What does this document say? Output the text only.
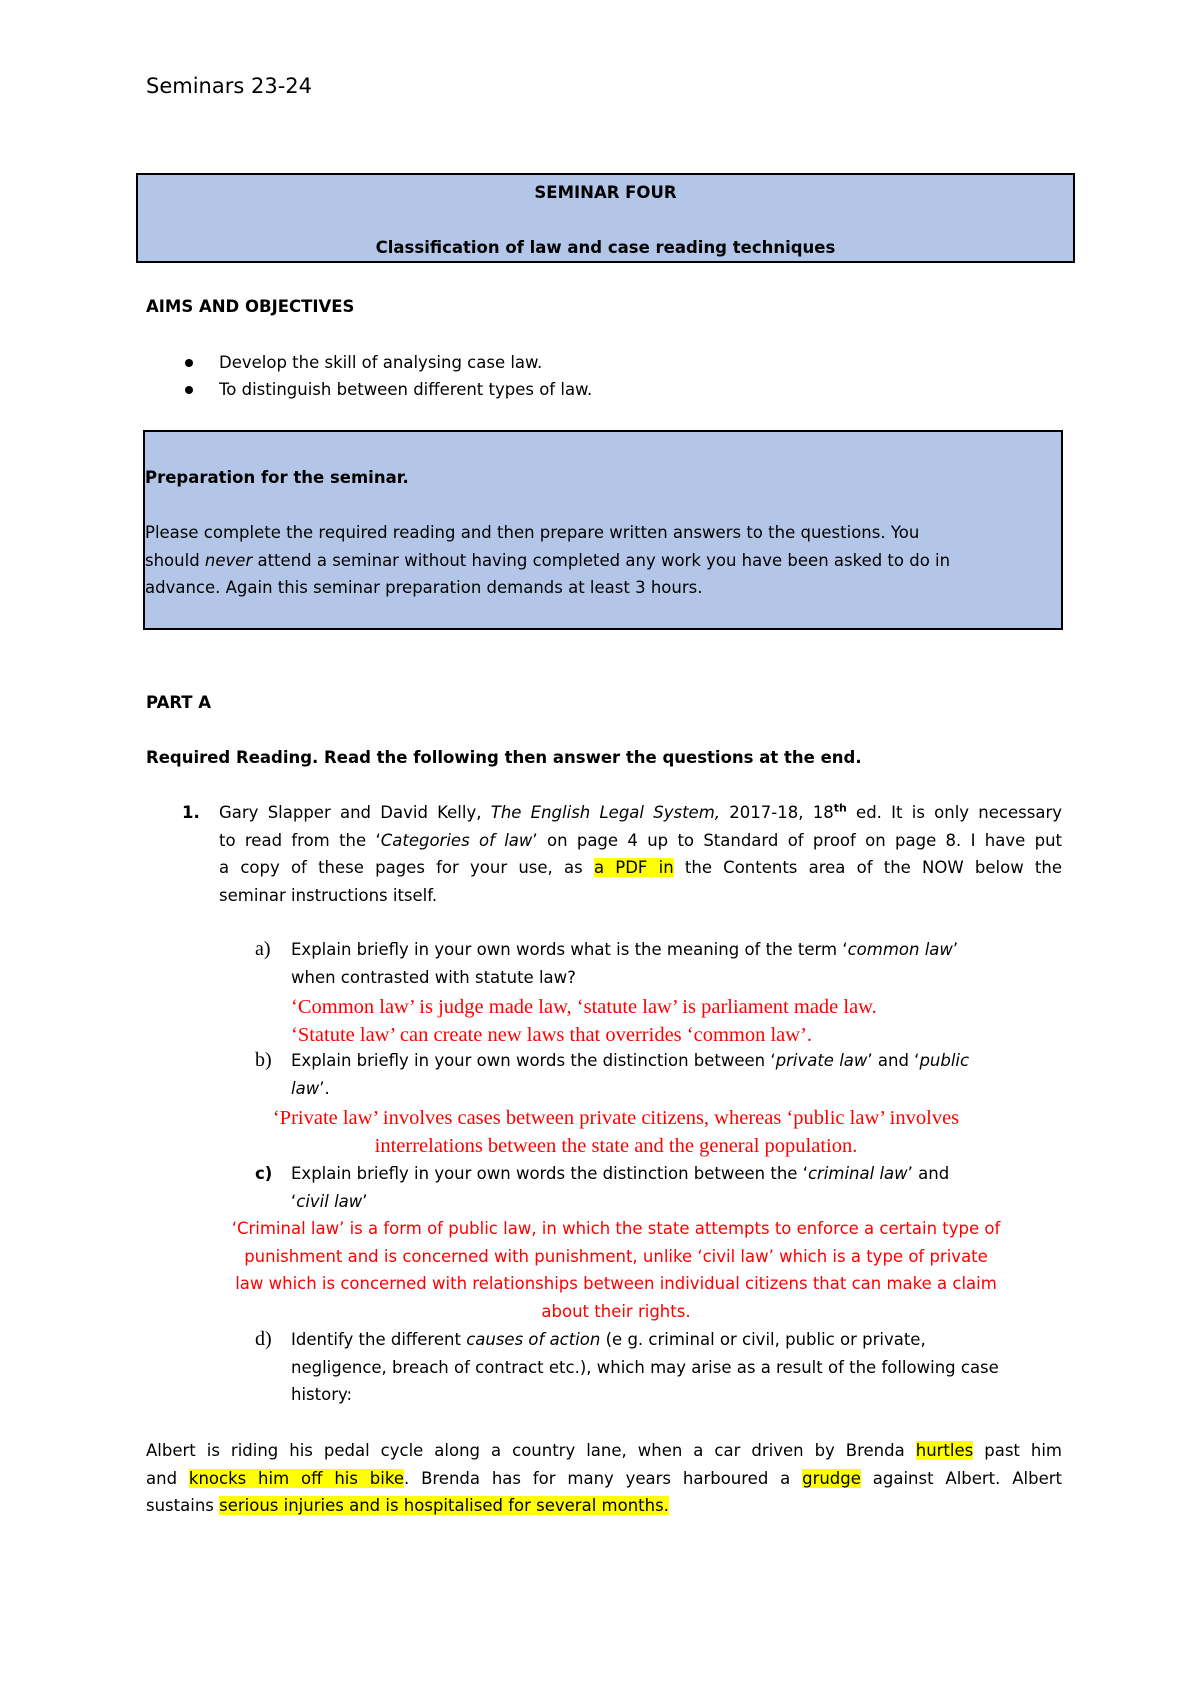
Seminars 23-24
SEMINAR FOUR
Classification of law and case reading techniques
AIMS AND OBJECTIVES
Develop the skill of analysing case law.
To distinguish between different types of law.
Preparation for the seminar.
Please complete the required reading and then prepare written answers to the questions. You
should never attend a seminar without having completed any work you have been asked to do in
advance. Again this seminar preparation demands at least 3 hours.
PART A
Required Reading. Read the following then answer the questions at the end.
1. Gary Slapper and David Kelly, The English Legal System, 2017-18, 18th ed. It is only necessary
to read from the ‘Categories of law’ on page 4 up to Standard of proof on page 8. I have put
a copy of these pages for your use, as a PDF in the Contents area of the NOW below the
seminar instructions itself.
a) Explain briefly in your own words what is the meaning of the term ‘common law’
when contrasted with statute law?
‘Common law’ is judge made law, ‘statute law’ is parliament made law.
‘Statute law’ can create new laws that overrides ‘common law’.
b) Explain briefly in your own words the distinction between ‘private law’ and ‘public
law’.
‘Private law’ involves cases between private citizens, whereas ‘public law’ involves
interrelations between the state and the general population.
c) Explain briefly in your own words the distinction between the ‘criminal law’ and
‘civil law’
‘Criminal law’ is a form of public law, in which the state attempts to enforce a certain type of
punishment and is concerned with punishment, unlike ‘civil law’ which is a type of private
law which is concerned with relationships between individual citizens that can make a claim
about their rights.
d) Identify the different causes of action (e g. criminal or civil, public or private,
negligence, breach of contract etc.), which may arise as a result of the following case
history:
Albert is riding his pedal cycle along a country lane, when a car driven by Brenda hurtles past him
and knocks him off his bike. Brenda has for many years harboured a grudge against Albert. Albert
sustains serious injuries and is hospitalised for several months.
